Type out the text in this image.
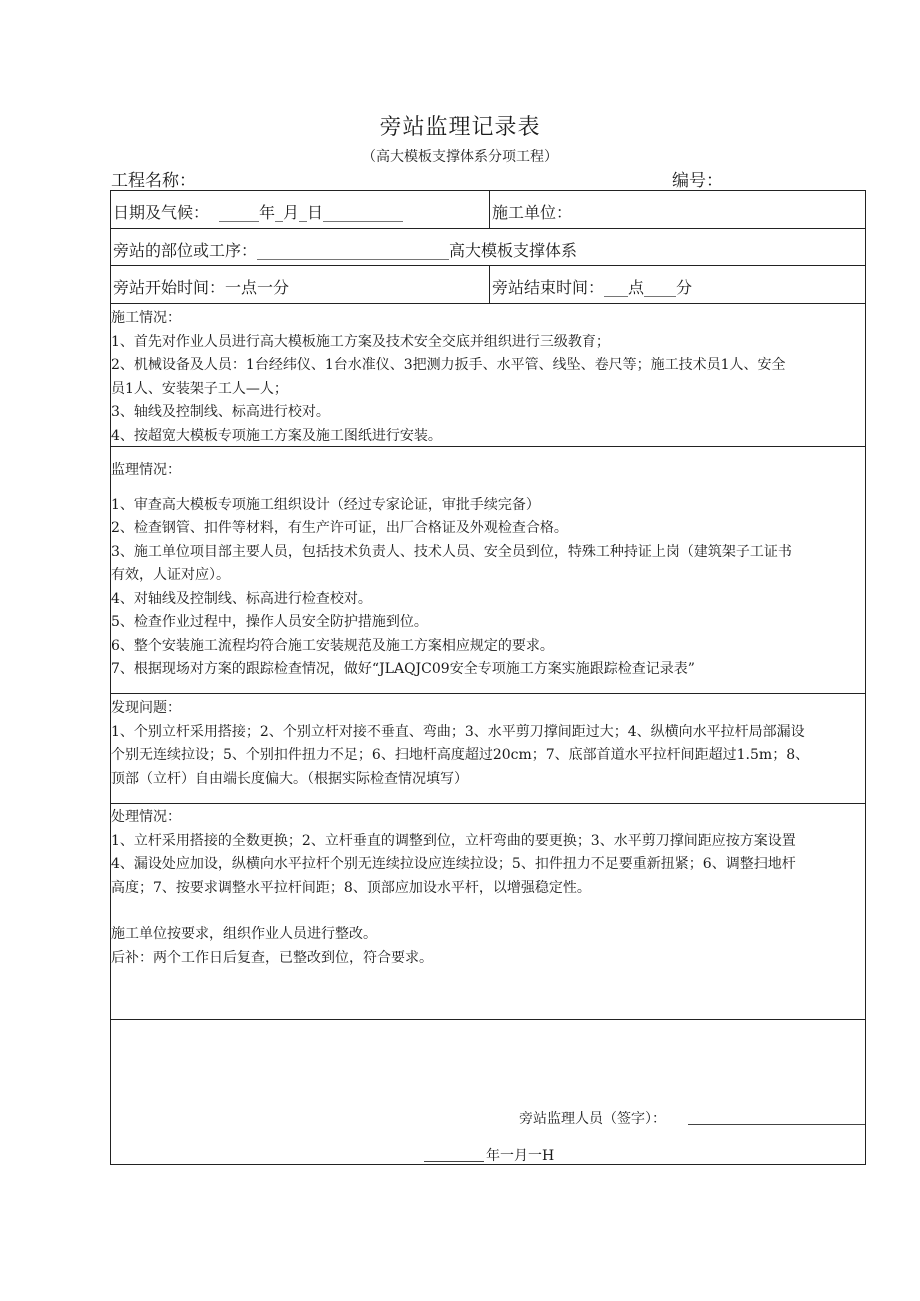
旁站监理记录表
（高大模板支撑体系分项工程）
工程名称：	编号：
日期及气候： _____年_月_日__________	施工单位：
旁站的部位或工序：________________________高大模板支撑体系
旁站开始时间：一点一分	旁站结束时间：___点____分

施工情况：

1、首先对作业人员进行高大模板施工方案及技术安全交底并组织进行三级教育；

2、机械设备及人员：1台经纬仪、1台水准仪、3把测力扳手、水平管、线坠、卷尺等；施工技术员1人、安全

员1人、安装架子工人—人；

3、轴线及控制线、标高进行校对。

4、按超宽大模板专项施工方案及施工图纸进行安装。

监理情况：

1、审查高大模板专项施工组织设计（经过专家论证，审批手续完备）

2、检查钢管、扣件等材料，有生产许可证，出厂合格证及外观检查合格。

3、施工单位项目部主要人员，包括技术负责人、技术人员、安全员到位，特殊工种持证上岗（建筑架子工证书

有效，人证对应）。

4、对轴线及控制线、标高进行检查校对。

5、检查作业过程中，操作人员安全防护措施到位。

6、整个安装施工流程均符合施工安装规范及施工方案相应规定的要求。

7、根据现场对方案的跟踪检查情况，做好“JLAQJC09安全专项施工方案实施跟踪检查记录表”

发现问题：

1、个别立杆采用搭接；2、个别立杆对接不垂直、弯曲；3、水平剪刀撑间距过大；4、纵横向水平拉杆局部漏设

个别无连续拉设；5、个别扣件扭力不足；6、扫地杆高度超过20cm；7、底部首道水平拉杆间距超过1.5m；8、

顶部（立杆）自由端长度偏大。（根据实际检查情况填写）

处理情况：

1、立杆采用搭接的全数更换；2、立杆垂直的调整到位，立杆弯曲的要更换；3、水平剪刀撑间距应按方案设置

4、漏设处应加设，纵横向水平拉杆个别无连续拉设应连续拉设；5、扣件扭力不足要重新扭紧；6、调整扫地杆

高度；7、按要求调整水平拉杆间距；8、顶部应加设水平杆，以增强稳定性。

施工单位按要求，组织作业人员进行整改。

后补：两个工作日后复查，已整改到位，符合要求。

旁站监理人员（签字）：
年一月一H
